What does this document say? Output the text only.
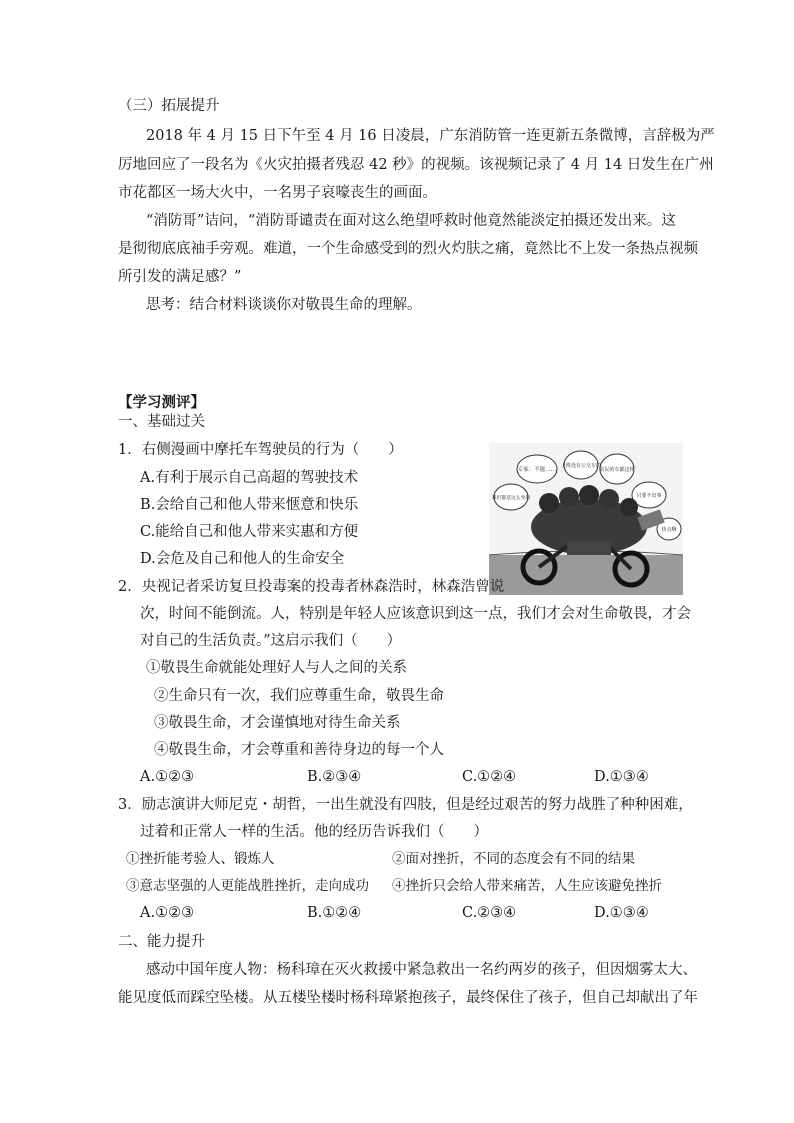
（三）拓展提升
2018 年 4 月 15 日下午至 4 月 16 日凌晨，广东消防管一连更新五条微博，言辞极为严
厉地回应了一段名为《火灾拍摄者残忍 42 秒》的视频。该视频记录了 4 月 14 日发生在广州
市花都区一场大火中，一名男子哀嚎丧生的画面。
“消防哥”诘问，“消防哥谴责在面对这么绝望呼救时他竟然能淡定拍摄还发出来。这
是彻彻底底袖手旁观。难道，一个生命感受到的烈火灼肤之痛，竟然比不上发一条热点视频
所引发的满足感？”
思考：结合材料谈谈你对敬畏生命的理解。
【学习测评】
一、基础过关
1．右侧漫画中摩托车驾驶员的行为（　　）
A.有利于展示自己高超的驾驶技术
B.会给自己和他人带来惬意和快乐
C.能给自己和他人带来实惠和方便
D.会危及自己和他人的生命安全
专家：不能……
上班没有公交车的
农民的车都这样
我们都是这么坐的	只要不出事
快点啊
2．央视记者采访复旦投毒案的投毒者林森浩时，林森浩曾说
次，时间不能倒流。人，特别是年轻人应该意识到这一点，我们才会对生命敬畏，才会
对自己的生活负责。”这启示我们（　　）
①敬畏生命就能处理好人与人之间的关系
②生命只有一次，我们应尊重生命，敬畏生命
③敬畏生命，才会谨慎地对待生命关系
④敬畏生命，才会尊重和善待身边的每一个人
A.①②③	B.②③④	C.①②④	D.①③④
3．励志演讲大师尼克・胡哲，一出生就没有四肢，但是经过艰苦的努力战胜了种种困难，
过着和正常人一样的生活。他的经历告诉我们（　　）
①挫折能考验人、锻炼人	②面对挫折，不同的态度会有不同的结果
③意志坚强的人更能战胜挫折，走向成功 ④挫折只会给人带来痛苦，人生应该避免挫折
A.①②③	B.①②④	C.②③④	D.①③④
二、能力提升
感动中国年度人物：杨科璋在灭火救援中紧急救出一名约两岁的孩子，但因烟雾太大、
能见度低而踩空坠楼。从五楼坠楼时杨科璋紧抱孩子，最终保住了孩子，但自己却献出了年
